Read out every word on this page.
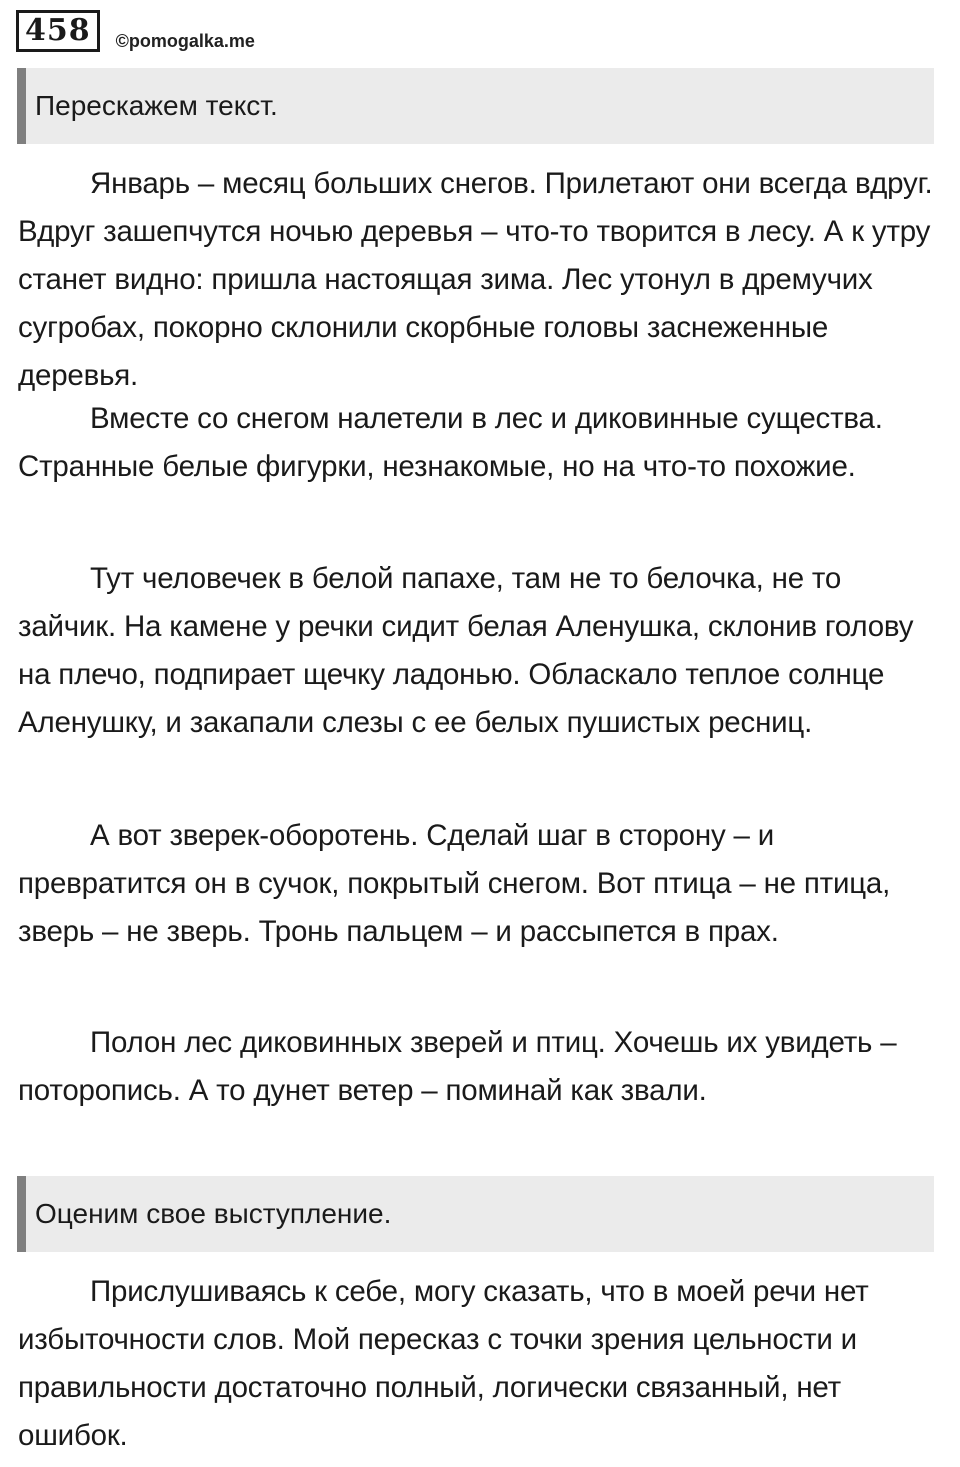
458	©pomogalka.me
Перескажем текст.

Январь – месяц больших снегов. Прилетают они всегда вдруг. Вдруг зашепчутся ночью деревья – что-то творится в лесу. А к утру станет видно: пришла настоящая зима. Лес утонул в дремучих сугробах, покорно склонили скорбные головы заснеженные деревья.

Вместе со снегом налетели в лес и диковинные существа. Странные белые фигурки, незнакомые, но на что-то похожие.

Тут человечек в белой папахе, там не то белочка, не то зайчик. На камене у речки сидит белая Аленушка, склонив голову на плечо, подпирает щечку ладонью. Обласкало теплое солнце Аленушку, и закапали слезы с ее белых пушистых ресниц.

А вот зверек-оборотень. Сделай шаг в сторону – и превратится он в сучок, покрытый снегом. Вот птица – не птица, зверь – не зверь. Тронь пальцем – и рассыпется в прах.

Полон лес диковинных зверей и птиц. Хочешь их увидеть – поторопись. А то дунет ветер – поминай как звали.

Оценим свое выступление.

Прислушиваясь к себе, могу сказать, что в моей речи нет избыточности слов. Мой пересказ с точки зрения цельности и правильности достаточно полный, логически связанный, нет ошибок.
